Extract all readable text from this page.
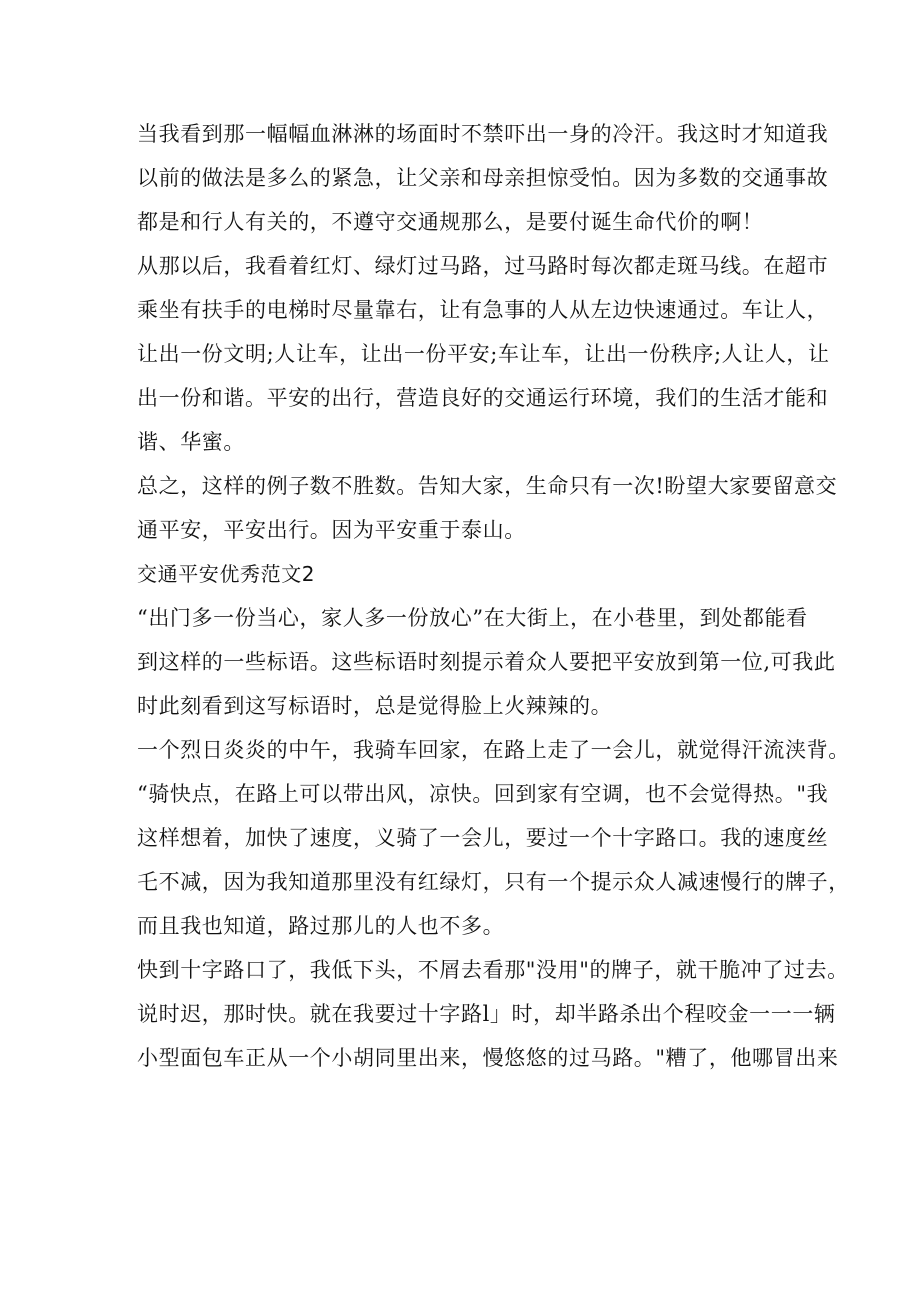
当我看到那一幅幅血淋淋的场面时不禁吓出一身的冷汗。我这时才知道我
以前的做法是多么的紧急，让父亲和母亲担惊受怕。因为多数的交通事故
都是和行人有关的，不遵守交通规那么，是要付诞生命代价的啊！

从那以后，我看着红灯、绿灯过马路，过马路时每次都走斑马线。在超市
乘坐有扶手的电梯时尽量靠右，让有急事的人从左边快速通过。车让人，
让出一份文明;人让车，让出一份平安;车让车，让出一份秩序;人让人，让
出一份和谐。平安的出行，营造良好的交通运行环境，我们的生活才能和
谐、华蜜。

总之，这样的例子数不胜数。告知大家，生命只有一次!盼望大家要留意交
通平安，平安出行。因为平安重于泰山。

交通平安优秀范文2

“出门多一份当心，家人多一份放心”在大街上，在小巷里，到处都能看
到这样的一些标语。这些标语时刻提示着众人要把平安放到第一位,可我此
时此刻看到这写标语时，总是觉得脸上火辣辣的。

一个烈日炎炎的中午，我骑车回家，在路上走了一会儿，就觉得汗流浃背。
“骑快点，在路上可以带出风，凉快。回到家有空调，也不会觉得热。"我
这样想着，加快了速度，义骑了一会儿，要过一个十字路口。我的速度丝
乇不减，因为我知道那里没有红绿灯，只有一个提示众人减速慢行的牌子，
而且我也知道，路过那儿的人也不多。

快到十字路口了，我低下头，不屑去看那"没用"的牌子，就干脆冲了过去。
说时迟，那时快。就在我要过十字路l」时，却半路杀出个程咬金一一一辆
小型面包车正从一个小胡同里出来，慢悠悠的过马路。"糟了，他哪冒出来
